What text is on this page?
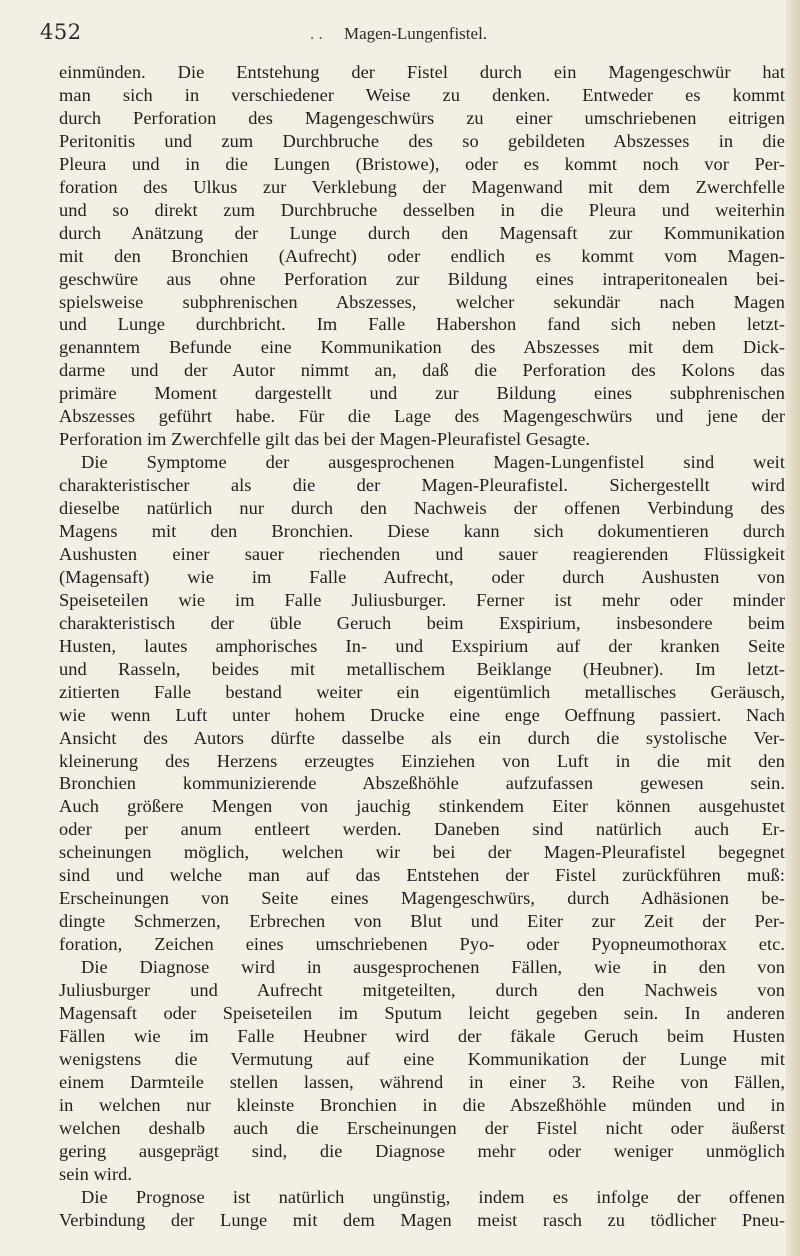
452	. . Magen-Lungenfistel.
einmünden. Die Entstehung der Fistel durch ein Magengeschwür hat
man sich in verschiedener Weise zu denken. Entweder es kommt
durch Perforation des Magengeschwürs zu einer umschriebenen eitrigen
Peritonitis und zum Durchbruche des so gebildeten Abszesses in die
Pleura und in die Lungen (Bristowe), oder es kommt noch vor Per-
foration des Ulkus zur Verklebung der Magenwand mit dem Zwerchfelle
und so direkt zum Durchbruche desselben in die Pleura und weiterhin
durch Anätzung der Lunge durch den Magensaft zur Kommunikation
mit den Bronchien (Aufrecht) oder endlich es kommt vom Magen-
geschwüre aus ohne Perforation zur Bildung eines intraperitonealen bei-
spielsweise subphrenischen Abszesses, welcher sekundär nach Magen
und Lunge durchbricht. Im Falle Habershon fand sich neben letzt-
genanntem Befunde eine Kommunikation des Abszesses mit dem Dick-
darme und der Autor nimmt an, daß die Perforation des Kolons das
primäre Moment dargestellt und zur Bildung eines subphrenischen
Abszesses geführt habe. Für die Lage des Magengeschwürs und jene der
Perforation im Zwerchfelle gilt das bei der Magen-Pleurafistel Gesagte.
Die Symptome der ausgesprochenen Magen-Lungenfistel sind weit
charakteristischer als die der Magen-Pleurafistel. Sichergestellt wird
dieselbe natürlich nur durch den Nachweis der offenen Verbindung des
Magens mit den Bronchien. Diese kann sich dokumentieren durch
Aushusten einer sauer riechenden und sauer reagierenden Flüssigkeit
(Magensaft) wie im Falle Aufrecht, oder durch Aushusten von
Speiseteilen wie im Falle Juliusburger. Ferner ist mehr oder minder
charakteristisch der üble Geruch beim Exspirium, insbesondere beim
Husten, lautes amphorisches In- und Exspirium auf der kranken Seite
und Rasseln, beides mit metallischem Beiklange (Heubner). Im letzt-
zitierten Falle bestand weiter ein eigentümlich metallisches Geräusch,
wie wenn Luft unter hohem Drucke eine enge Oeffnung passiert. Nach
Ansicht des Autors dürfte dasselbe als ein durch die systolische Ver-
kleinerung des Herzens erzeugtes Einziehen von Luft in die mit den
Bronchien kommunizierende Abszeßhöhle aufzufassen gewesen sein.
Auch größere Mengen von jauchig stinkendem Eiter können ausgehustet
oder per anum entleert werden. Daneben sind natürlich auch Er-
scheinungen möglich, welchen wir bei der Magen-Pleurafistel begegnet
sind und welche man auf das Entstehen der Fistel zurückführen muß:
Erscheinungen von Seite eines Magengeschwürs, durch Adhäsionen be-
dingte Schmerzen, Erbrechen von Blut und Eiter zur Zeit der Per-
foration, Zeichen eines umschriebenen Pyo- oder Pyopneumothorax etc.
Die Diagnose wird in ausgesprochenen Fällen, wie in den von
Juliusburger und Aufrecht mitgeteilten, durch den Nachweis von
Magensaft oder Speiseteilen im Sputum leicht gegeben sein. In anderen
Fällen wie im Falle Heubner wird der fäkale Geruch beim Husten
wenigstens die Vermutung auf eine Kommunikation der Lunge mit
einem Darmteile stellen lassen, während in einer 3. Reihe von Fällen,
in welchen nur kleinste Bronchien in die Abszeßhöhle münden und in
welchen deshalb auch die Erscheinungen der Fistel nicht oder äußerst
gering ausgeprägt sind, die Diagnose mehr oder weniger unmöglich
sein wird.
Die Prognose ist natürlich ungünstig, indem es infolge der offenen
Verbindung der Lunge mit dem Magen meist rasch zu tödlicher Pneu-
